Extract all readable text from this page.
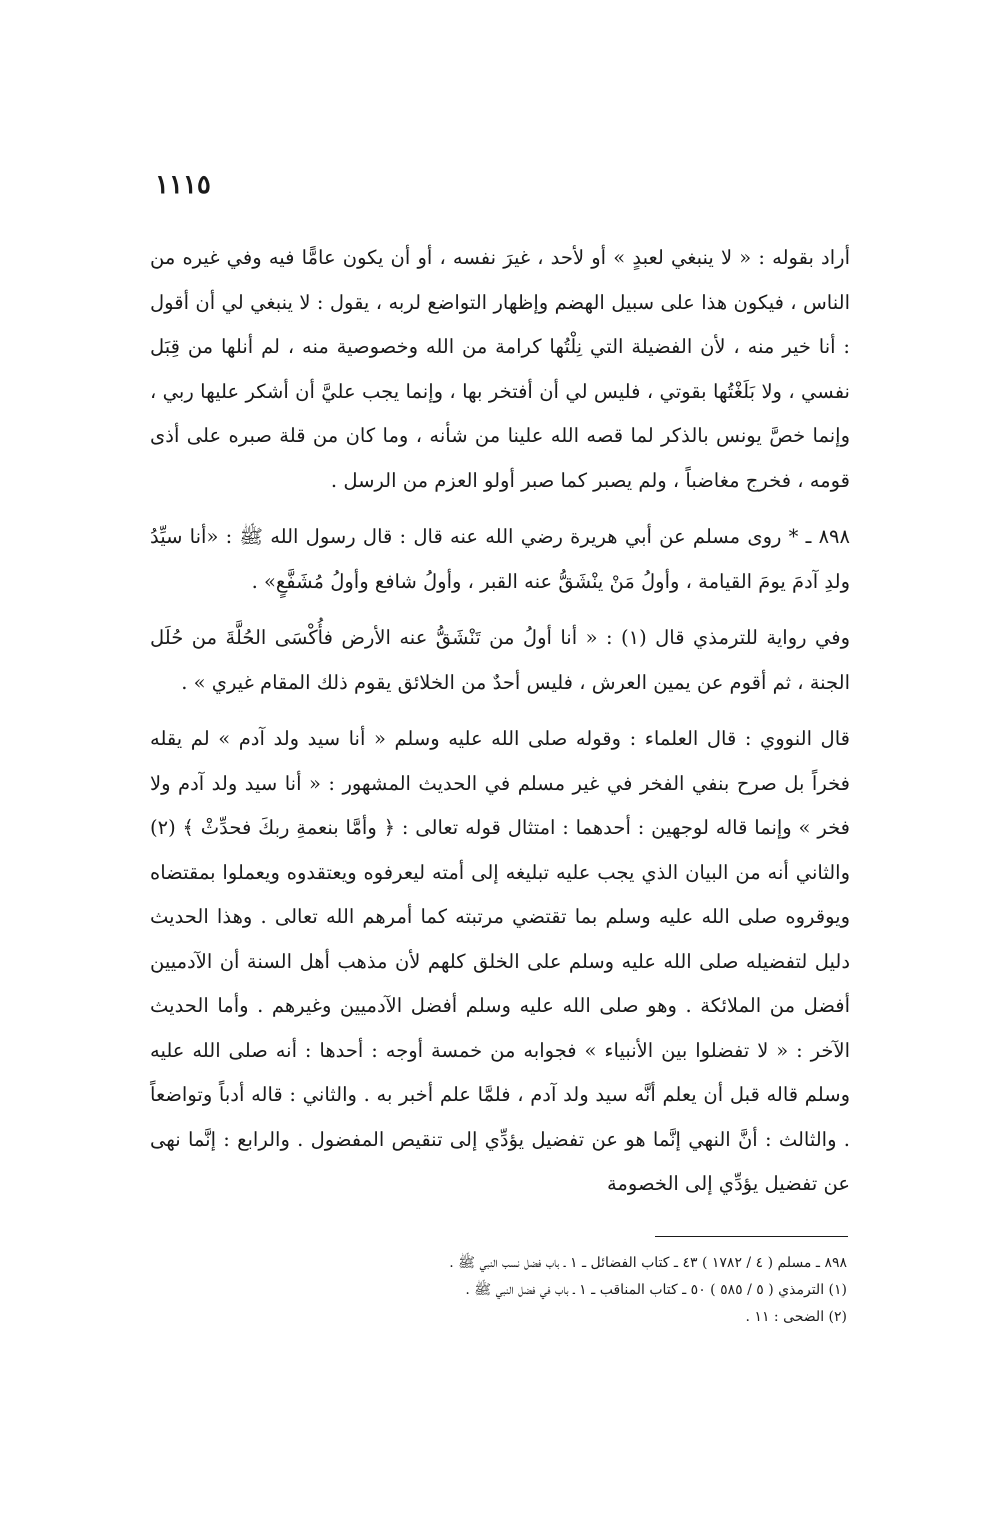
١١١٥

أراد بقوله : « لا ينبغي لعبدٍ » أو لأحد ، غيرَ نفسه ، أو أن يكون عامًّا فيه وفي غيره من الناس ، فيكون هذا على سبيل الهضم وإظهار التواضع لربه ، يقول : لا ينبغي لي أن أقول : أنا خير منه ، لأن الفضيلة التي نِلْتُها كرامة من الله وخصوصية منه ، لم أنلها من قِبَل نفسي ، ولا بَلَغْتُها بقوتي ، فليس لي أن أفتخر بها ، وإنما يجب عليَّ أن أشكر عليها ربي ، وإنما خصَّ يونس بالذكر لما قصه الله علينا من شأنه ، وما كان من قلة صبره على أذى قومه ، فخرج مغاضباً ، ولم يصبر كما صبر أولو العزم من الرسل .

٨٩٨ ـ * روى مسلم عن أبي هريرة رضي الله عنه قال : قال رسول الله ﷺ : «أنا سيِّدُ ولدِ آدمَ يومَ القيامة ، وأولُ مَنْ ينْشَقُّ عنه القبر ، وأولُ شافع وأولُ مُشَفَّعٍ» .

وفي رواية للترمذي قال (١) : « أنا أولُ من تَنْشَقُّ عنه الأرض فأُكْسَى الحُلَّةَ من حُلَل الجنة ، ثم أقوم عن يمين العرش ، فليس أحدٌ من الخلائق يقوم ذلك المقام غيري » .

قال النووي : قال العلماء : وقوله صلى الله عليه وسلم « أنا سيد ولد آدم » لم يقله فخراً بل صرح بنفي الفخر في غير مسلم في الحديث المشهور : « أنا سيد ولد آدم ولا فخر » وإنما قاله لوجهين : أحدهما : امتثال قوله تعالى : ﴿ وأمَّا بنعمةِ ربكَ فحدِّثْ ﴾ (٢) والثاني أنه من البيان الذي يجب عليه تبليغه إلى أمته ليعرفوه ويعتقدوه ويعملوا بمقتضاه ويوقروه صلى الله عليه وسلم بما تقتضي مرتبته كما أمرهم الله تعالى . وهذا الحديث دليل لتفضيله صلى الله عليه وسلم على الخلق كلهم لأن مذهب أهل السنة أن الآدميين أفضل من الملائكة . وهو صلى الله عليه وسلم أفضل الآدميين وغيرهم . وأما الحديث الآخر : « لا تفضلوا بين الأنبياء » فجوابه من خمسة أوجه : أحدها : أنه صلى الله عليه وسلم قاله قبل أن يعلم أنَّه سيد ولد آدم ، فلمَّا علم أخبر به . والثاني : قاله أدباً وتواضعاً . والثالث : أنَّ النهي إنَّما هو عن تفضيل يؤدِّي إلى تنقيص المفضول . والرابع : إنَّما نهى عن تفضيل يؤدِّي إلى الخصومة

٨٩٨ ـ مسلم ( ٤ / ١٧٨٢ ) ٤٣ ـ كتاب الفضائل ـ ١ ـ باب فضل نسب النبي ﷺ .
(١) الترمذي ( ٥ / ٥٨٥ ) ٥٠ ـ كتاب المناقب ـ ١ ـ باب في فضل النبي ﷺ .
(٢) الضحى : ١١ .
